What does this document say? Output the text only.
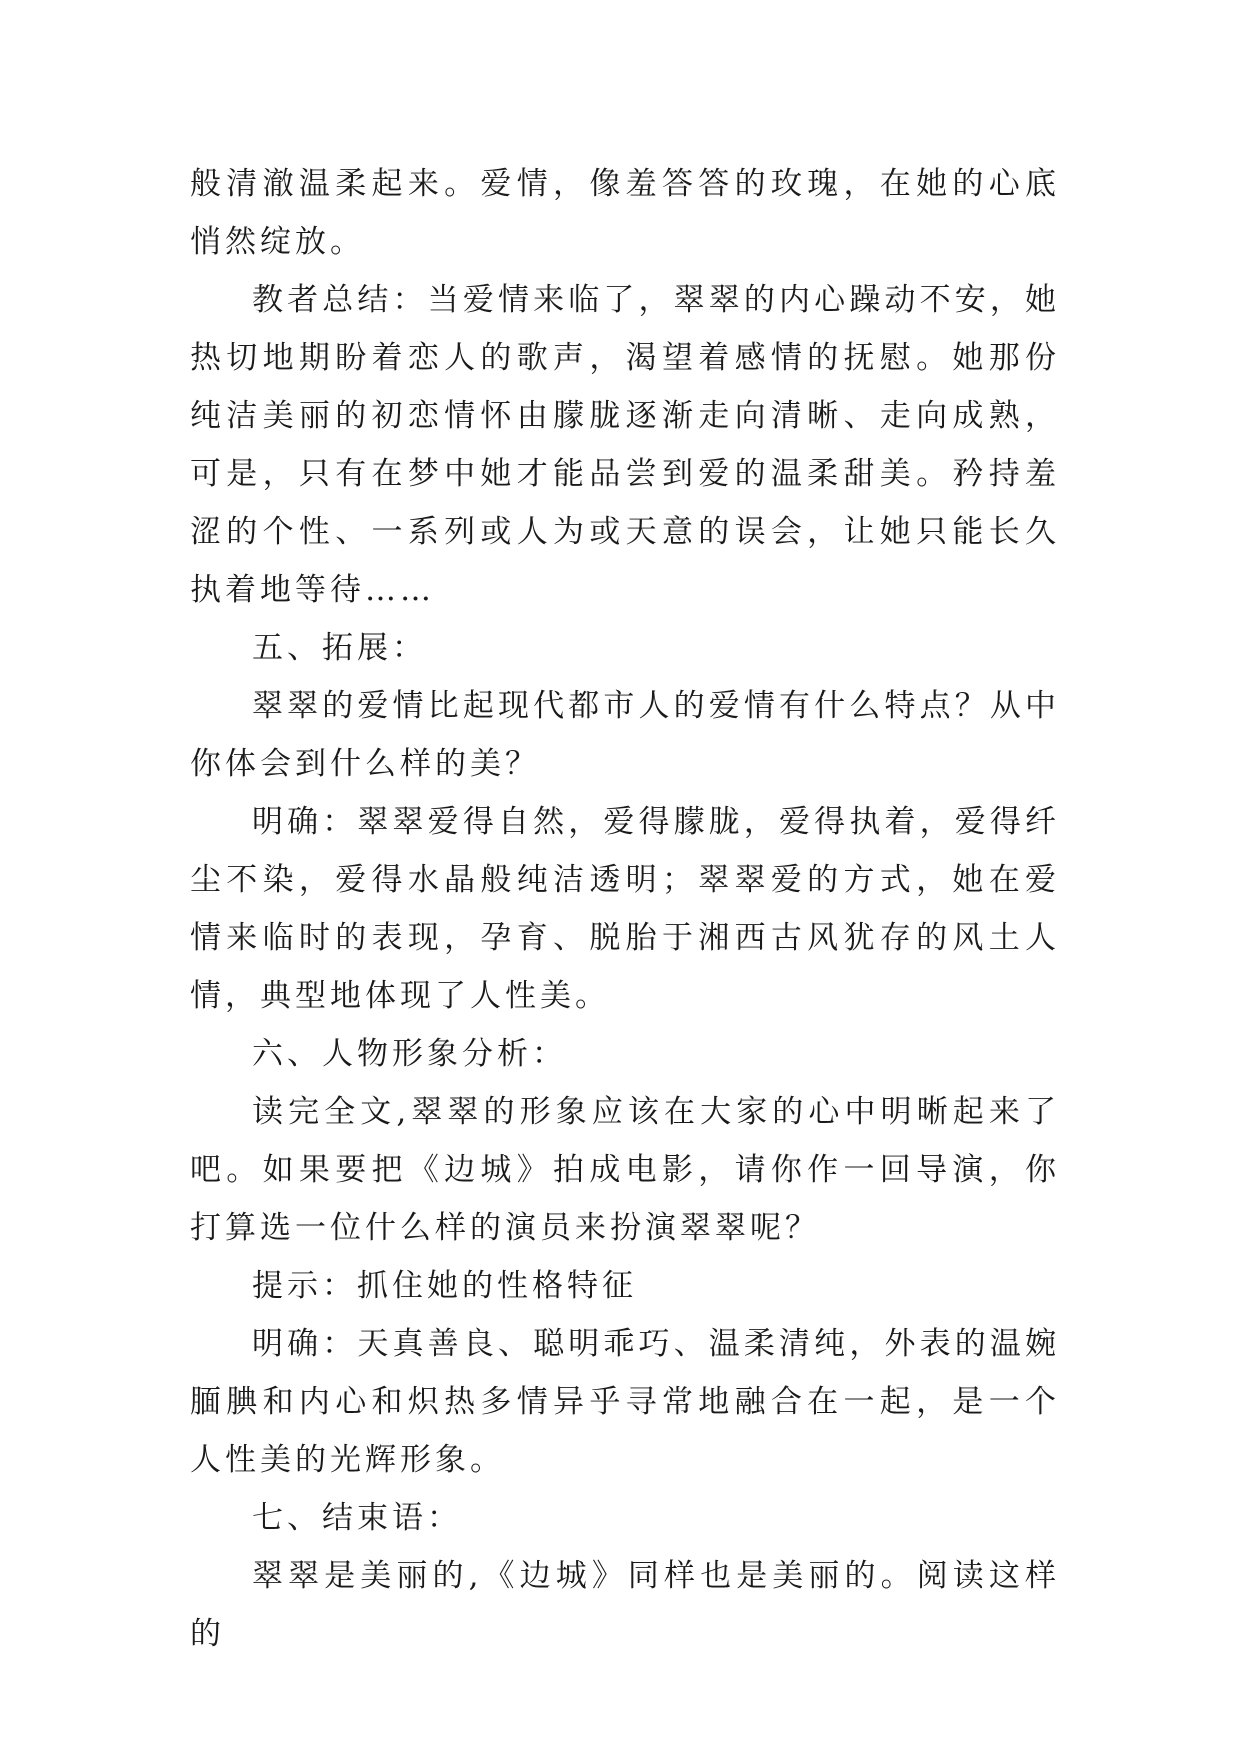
般清澈温柔起来。爱情，像羞答答的玫瑰，在她的心底悄然绽放。

教者总结：当爱情来临了，翠翠的内心躁动不安，她热切地期盼着恋人的歌声，渴望着感情的抚慰。她那份纯洁美丽的初恋情怀由朦胧逐渐走向清晰、走向成熟，可是，只有在梦中她才能品尝到爱的温柔甜美。矜持羞涩的个性、一系列或人为或天意的误会，让她只能长久执着地等待……

五、拓展：

翠翠的爱情比起现代都市人的爱情有什么特点？从中你体会到什么样的美？

明确：翠翠爱得自然，爱得朦胧，爱得执着，爱得纤尘不染，爱得水晶般纯洁透明；翠翠爱的方式，她在爱情来临时的表现，孕育、脱胎于湘西古风犹存的风土人情，典型地体现了人性美。

六、人物形象分析：

读完全文,翠翠的形象应该在大家的心中明晰起来了吧。如果要把《边城》拍成电影，请你作一回导演，你打算选一位什么样的演员来扮演翠翠呢？

提示：抓住她的性格特征

明确：天真善良、聪明乖巧、温柔清纯，外表的温婉腼腆和内心和炽热多情异乎寻常地融合在一起，是一个人性美的光辉形象。

七、结束语：

翠翠是美丽的,《边城》同样也是美丽的。阅读这样的
